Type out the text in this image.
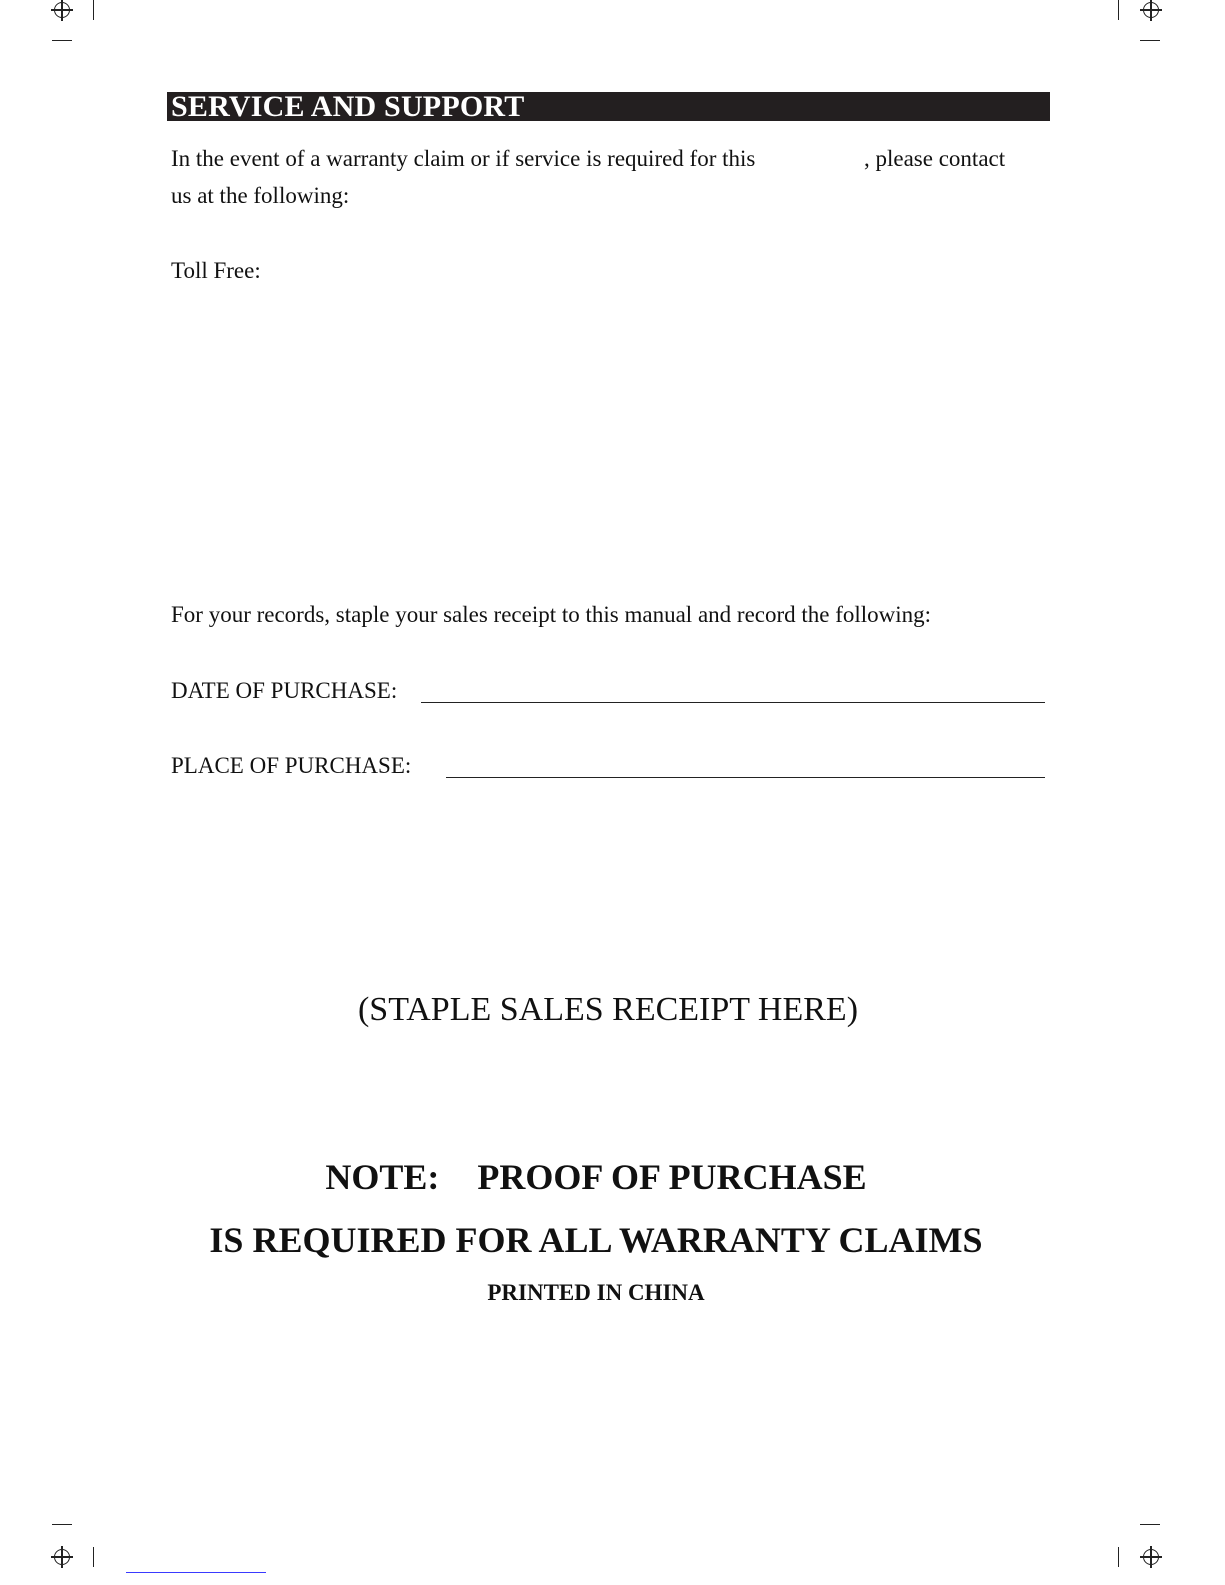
SERVICE AND SUPPORT
In the event of a warranty claim or if service is required for this	, please contact
us at the following:
Toll Free:
For your records, staple your sales receipt to this manual and record the following:
DATE OF PURCHASE:
PLACE OF PURCHASE:
(STAPLE SALES RECEIPT HERE)
NOTE: PROOF OF PURCHASE
IS REQUIRED FOR ALL WARRANTY CLAIMS
PRINTED IN CHINA
